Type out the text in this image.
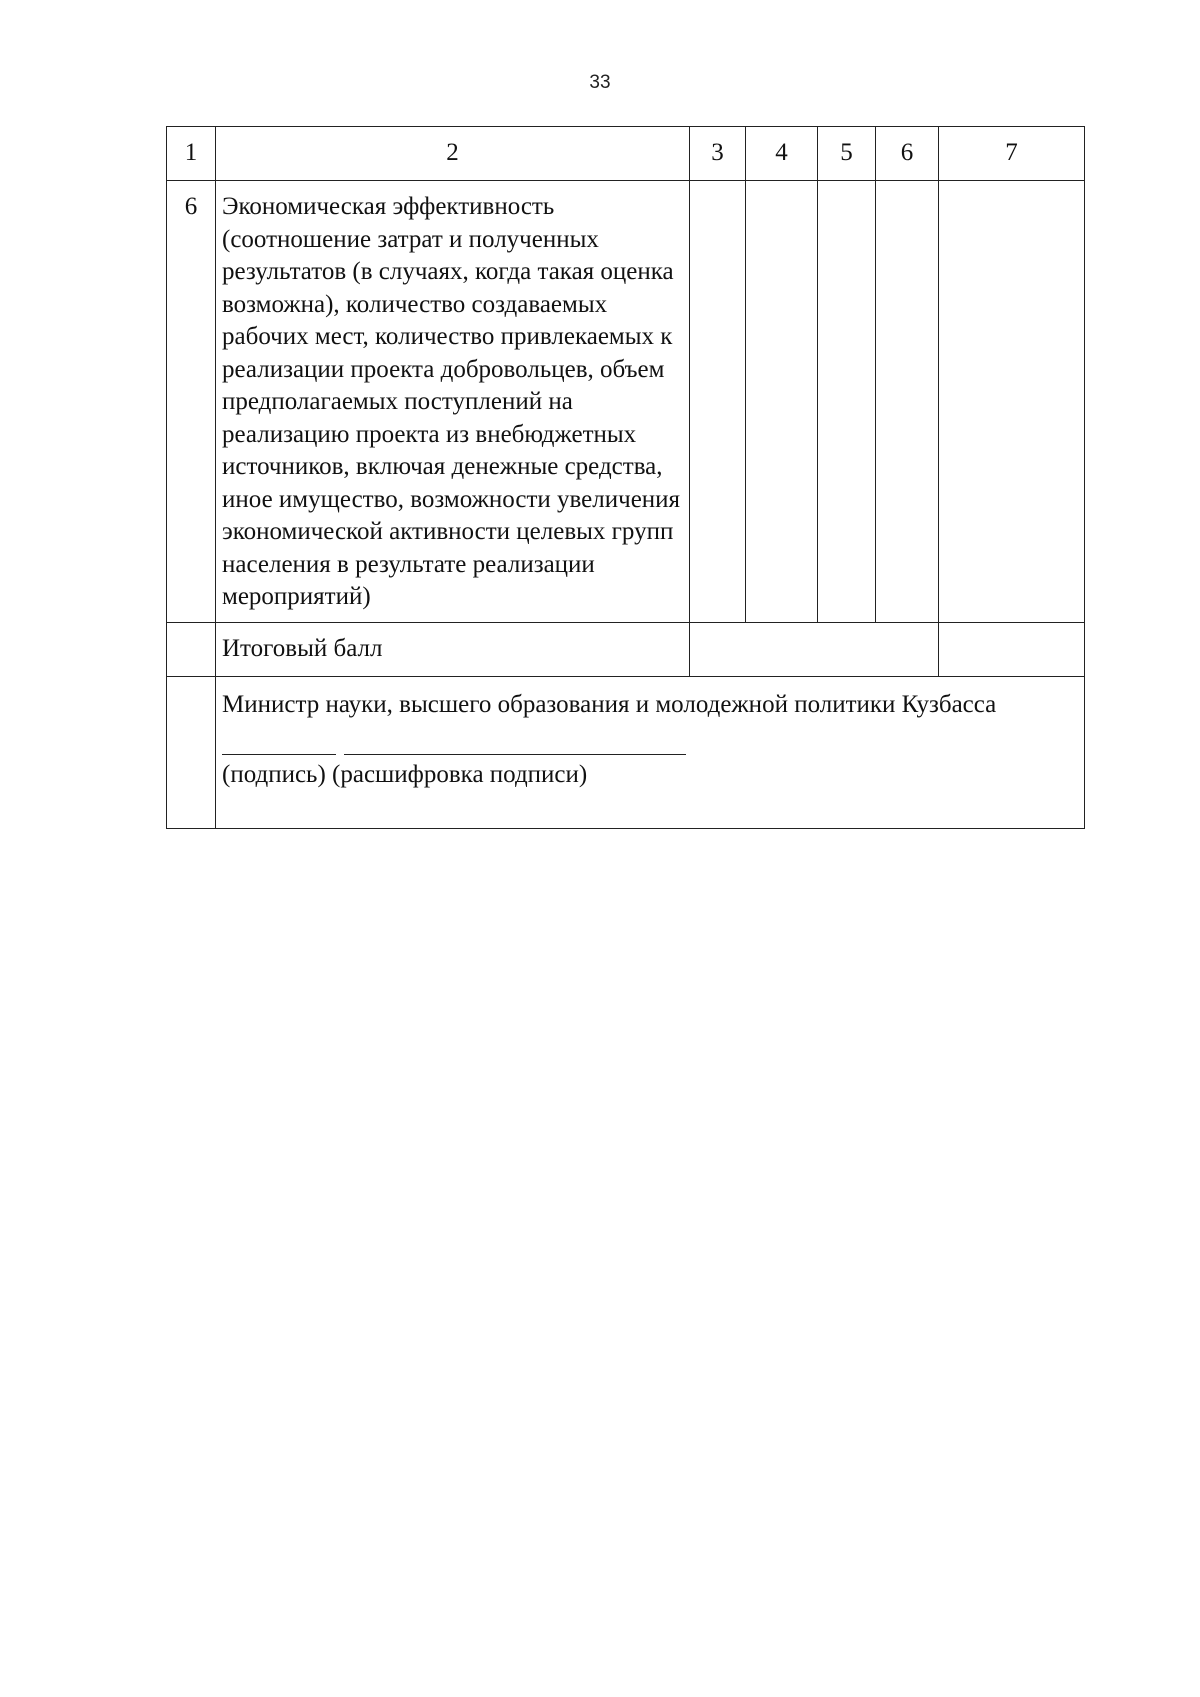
33
1	2	3	4	5	6	7
6	Экономическая эффективность (соотношение затрат и полученных результатов (в случаях, когда такая оценка возможна), количество создаваемых рабочих мест, количество привлекаемых к реализации проекта добровольцев, объем предполагаемых поступлений на реализацию проекта из внебюджетных источников, включая денежные средства, иное имущество, возможности увеличения экономической активности целевых групп населения в результате реализации мероприятий)					
	Итоговый балл					

	Министр науки, высшего образования и молодежной политики Кузбасса
(подпись) (расшифровка подписи)					
